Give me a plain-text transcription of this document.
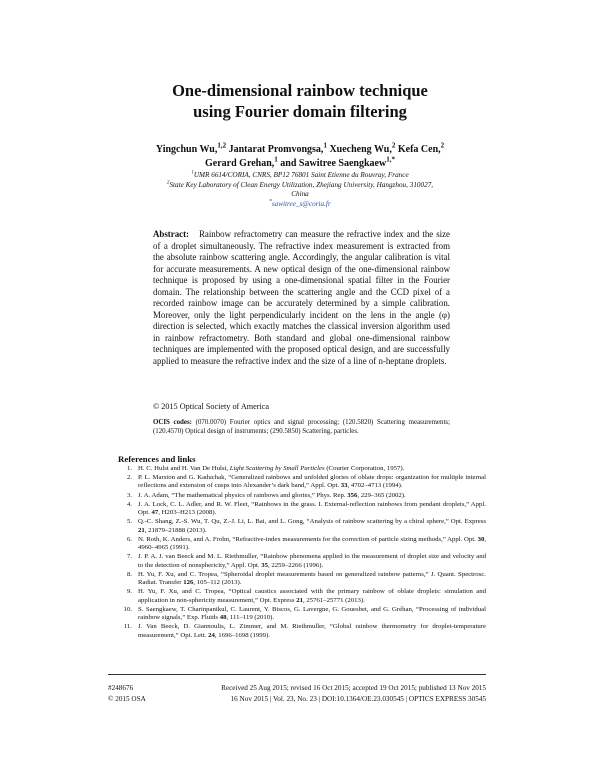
One-dimensional rainbow technique
using Fourier domain filtering
Yingchun Wu,$^{1,2}$ Jantarat Promvongsa,$^1$ Xuecheng Wu,$^2$ Kefa Cen,$^2$
Gerard Grehan,$^1$ and Sawitree Saengkaew$^{1,*}$
$^1$UMR 6614/CORIA, CNRS, BP12 76801 Saint Etienne du Rouvray, France
$^2$State Key Laboratory of Clean Energy Utilization, Zhejiang University, Hangzhou, 310027,
China
*sawitree_s@coria.fr
Abstract: Rainbow refractometry can measure the refractive index and the size of a droplet simultaneously. The refractive index measurement is extracted from the absolute rainbow scattering angle. Accordingly, the angular calibration is vital for accurate measurements. A new optical design of the one-dimensional rainbow technique is proposed by using a one-dimensional spatial filter in the Fourier domain. The relationship between the scattering angle and the CCD pixel of a recorded rainbow image can be accurately determined by a simple calibration. Moreover, only the light perpendicularly incident on the lens in the angle (φ) direction is selected, which exactly matches the classical inversion algorithm used in rainbow refractometry. Both standard and global one-dimensional rainbow techniques are implemented with the proposed optical design, and are successfully applied to measure the refractive index and the size of a line of n-heptane droplets.
© 2015 Optical Society of America
OCIS codes: (070.0070) Fourier optics and signal processing; (120.5820) Scattering measurements; (120.4570) Optical design of instruments; (290.5850) Scattering, particles.
References and links
1. H. C. Hulst and H. Van De Hulst, Light Scattering by Small Particles (Courier Corporation, 1957).
2. P. L. Marston and G. Kaduchak, “Generalized rainbows and unfolded glories of oblate drops: organization for multiple internal reflections and extension of cusps into Alexander’s dark band,” Appl. Opt. 33, 4702–4713 (1994).
3. J. A. Adam, “The mathematical physics of rainbows and glories,” Phys. Rep. 356, 229–365 (2002).
4. J. A. Lock, C. L. Adler, and R. W. Fleet, “Rainbows in the grass. I. External-reflection rainbows from pendant droplets,” Appl. Opt. 47, H203–H213 (2008).
5. Q.-C. Shang, Z.-S. Wu, T. Qu, Z.-J. Li, L. Bai, and L. Gong, “Analysis of rainbow scattering by a chiral sphere,” Opt. Express 21, 21879–21888 (2013).
6. N. Roth, K. Anders, and A. Frohn, “Refractive-index measurements for the correction of particle sizing methods,” Appl. Opt. 30, 4960–4965 (1991).
7. J. P. A. J. van Beeck and M. L. Riethmuller, “Rainbow phenomena applied to the measurement of droplet size and velocity and to the detection of nonsphericity,” Appl. Opt. 35, 2259–2266 (1996).
8. H. Yu, F. Xu, and C. Tropea, “Spheroidal droplet measurements based on generalized rainbow patterns,” J. Quant. Spectrosc. Radiat. Transfer 126, 105–112 (2013).
9. H. Yu, F. Xu, and C. Tropea, “Optical caustics associated with the primary rainbow of oblate droplets: simulation and application in non-sphericity measurement,” Opt. Express 21, 25761–25771 (2013).
10. S. Saengkaew, T. Charinpanikul, C. Laurent, Y. Biscos, G. Lavergne, G. Gouesbet, and G. Gréhan, “Processing of individual rainbow signals,” Exp. Fluids 48, 111–119 (2010).
11. J. Van Beeck, D. Giannoulis, L. Zimmer, and M. Riethmuller, “Global rainbow thermometry for droplet-temperature measurement,” Opt. Lett. 24, 1696–1698 (1999).
#248676
© 2015 OSA
Received 25 Aug 2015; revised 16 Oct 2015; accepted 19 Oct 2015; published 13 Nov 2015
16 Nov 2015 | Vol. 23, No. 23 | DOI:10.1364/OE.23.030545 | OPTICS EXPRESS 30545
